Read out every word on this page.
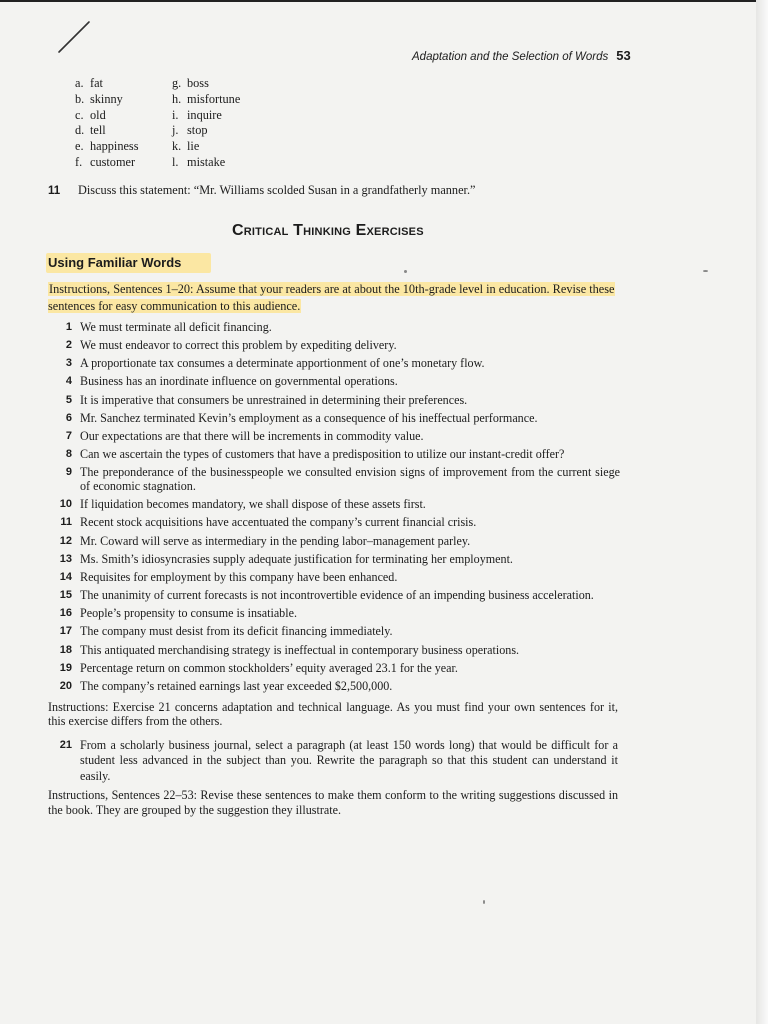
Adaptation and the Selection of Words 53
a. fat
b. skinny
c. old
d. tell
e. happiness
f. customer
g. boss
h. misfortune
i. inquire
j. stop
k. lie
l. mistake
11 Discuss this statement: “Mr. Williams scolded Susan in a grandfatherly manner.”
Critical Thinking Exercises
Using Familiar Words
Instructions, Sentences 1–20: Assume that your readers are at about the 10th-grade level in education. Revise these sentences for easy communication to this audience.
1 We must terminate all deficit financing.
2 We must endeavor to correct this problem by expediting delivery.
3 A proportionate tax consumes a determinate apportionment of one’s monetary flow.
4 Business has an inordinate influence on governmental operations.
5 It is imperative that consumers be unrestrained in determining their preferences.
6 Mr. Sanchez terminated Kevin’s employment as a consequence of his ineffectual performance.
7 Our expectations are that there will be increments in commodity value.
8 Can we ascertain the types of customers that have a predisposition to utilize our instant-credit offer?
9 The preponderance of the businesspeople we consulted envision signs of improvement from the current siege of economic stagnation.
10 If liquidation becomes mandatory, we shall dispose of these assets first.
11 Recent stock acquisitions have accentuated the company’s current financial crisis.
12 Mr. Coward will serve as intermediary in the pending labor–management parley.
13 Ms. Smith’s idiosyncrasies supply adequate justification for terminating her employment.
14 Requisites for employment by this company have been enhanced.
15 The unanimity of current forecasts is not incontrovertible evidence of an impending business acceleration.
16 People’s propensity to consume is insatiable.
17 The company must desist from its deficit financing immediately.
18 This antiquated merchandising strategy is ineffectual in contemporary business operations.
19 Percentage return on common stockholders’ equity averaged 23.1 for the year.
20 The company’s retained earnings last year exceeded $2,500,000.
Instructions: Exercise 21 concerns adaptation and technical language. As you must find your own sentences for it, this exercise differs from the others.
21 From a scholarly business journal, select a paragraph (at least 150 words long) that would be difficult for a student less advanced in the subject than you. Rewrite the paragraph so that this student can understand it easily.
Instructions, Sentences 22–53: Revise these sentences to make them conform to the writing suggestions discussed in the book. They are grouped by the suggestion they illustrate.
